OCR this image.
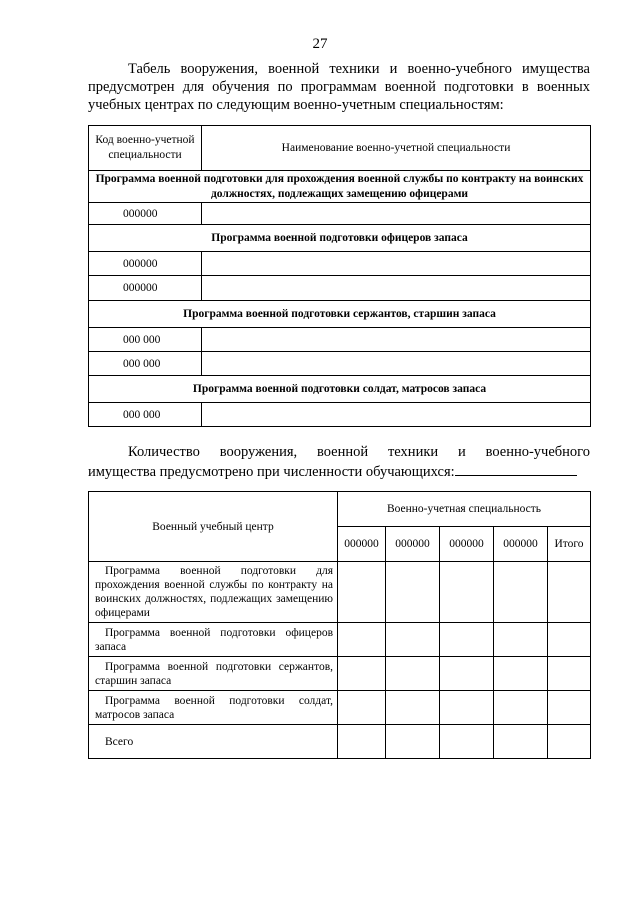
27

Табель вооружения, военной техники и военно-учебного имущества предусмотрен для обучения по программам военной подготовки в военных учебных центрах по следующим военно-учетным специальностям:

Код военно-учетной специальности	Наименование военно-учетной специальности
Программа военной подготовки для прохождения военной службы по контракту на воинских должностях, подлежащих замещению офицерами	
000000	
Программа военной подготовки офицеров запаса	
000000	
000000	
Программа военной подготовки сержантов, старшин запаса	
000 000	
000 000	
Программа военной подготовки солдат, матросов запаса	
000 000	
Количество вооружения, военной техники и военно-учебного
имущества предусмотрено при численности обучающихся:
Военный учебный центр	Военно-учетная специальность				
	000000	000000	000000	000000	Итого
Программа военной подготовки для прохождения военной службы по контракту на воинских должностях, подлежащих замещению офицерами					
Программа военной подготовки офицеров запаса					
Программа военной подготовки сержантов, старшин запаса					
Программа военной подготовки солдат, матросов запаса					
Всего					
